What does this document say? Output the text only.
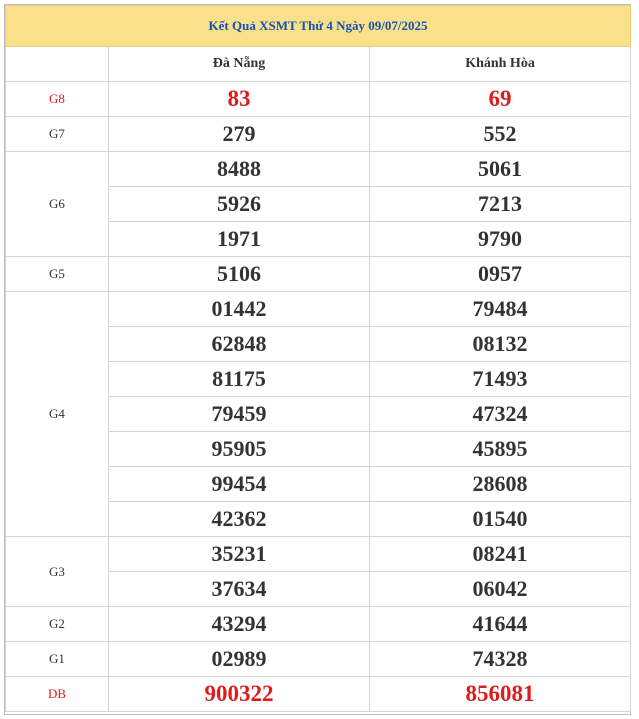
Kết Quả XSMT Thứ 4 Ngày 09/07/2025		
	Đà Nẵng	Khánh Hòa
G8	83	69
G7	279	552
G6	8488	5061
	5926	7213
	1971	9790
G5	5106	0957
G4	01442	79484
	62848	08132
	81175	71493
	79459	47324
	95905	45895
	99454	28608
	42362	01540
G3	35231	08241
	37634	06042
G2	43294	41644
G1	02989	74328
DB	900322	856081
